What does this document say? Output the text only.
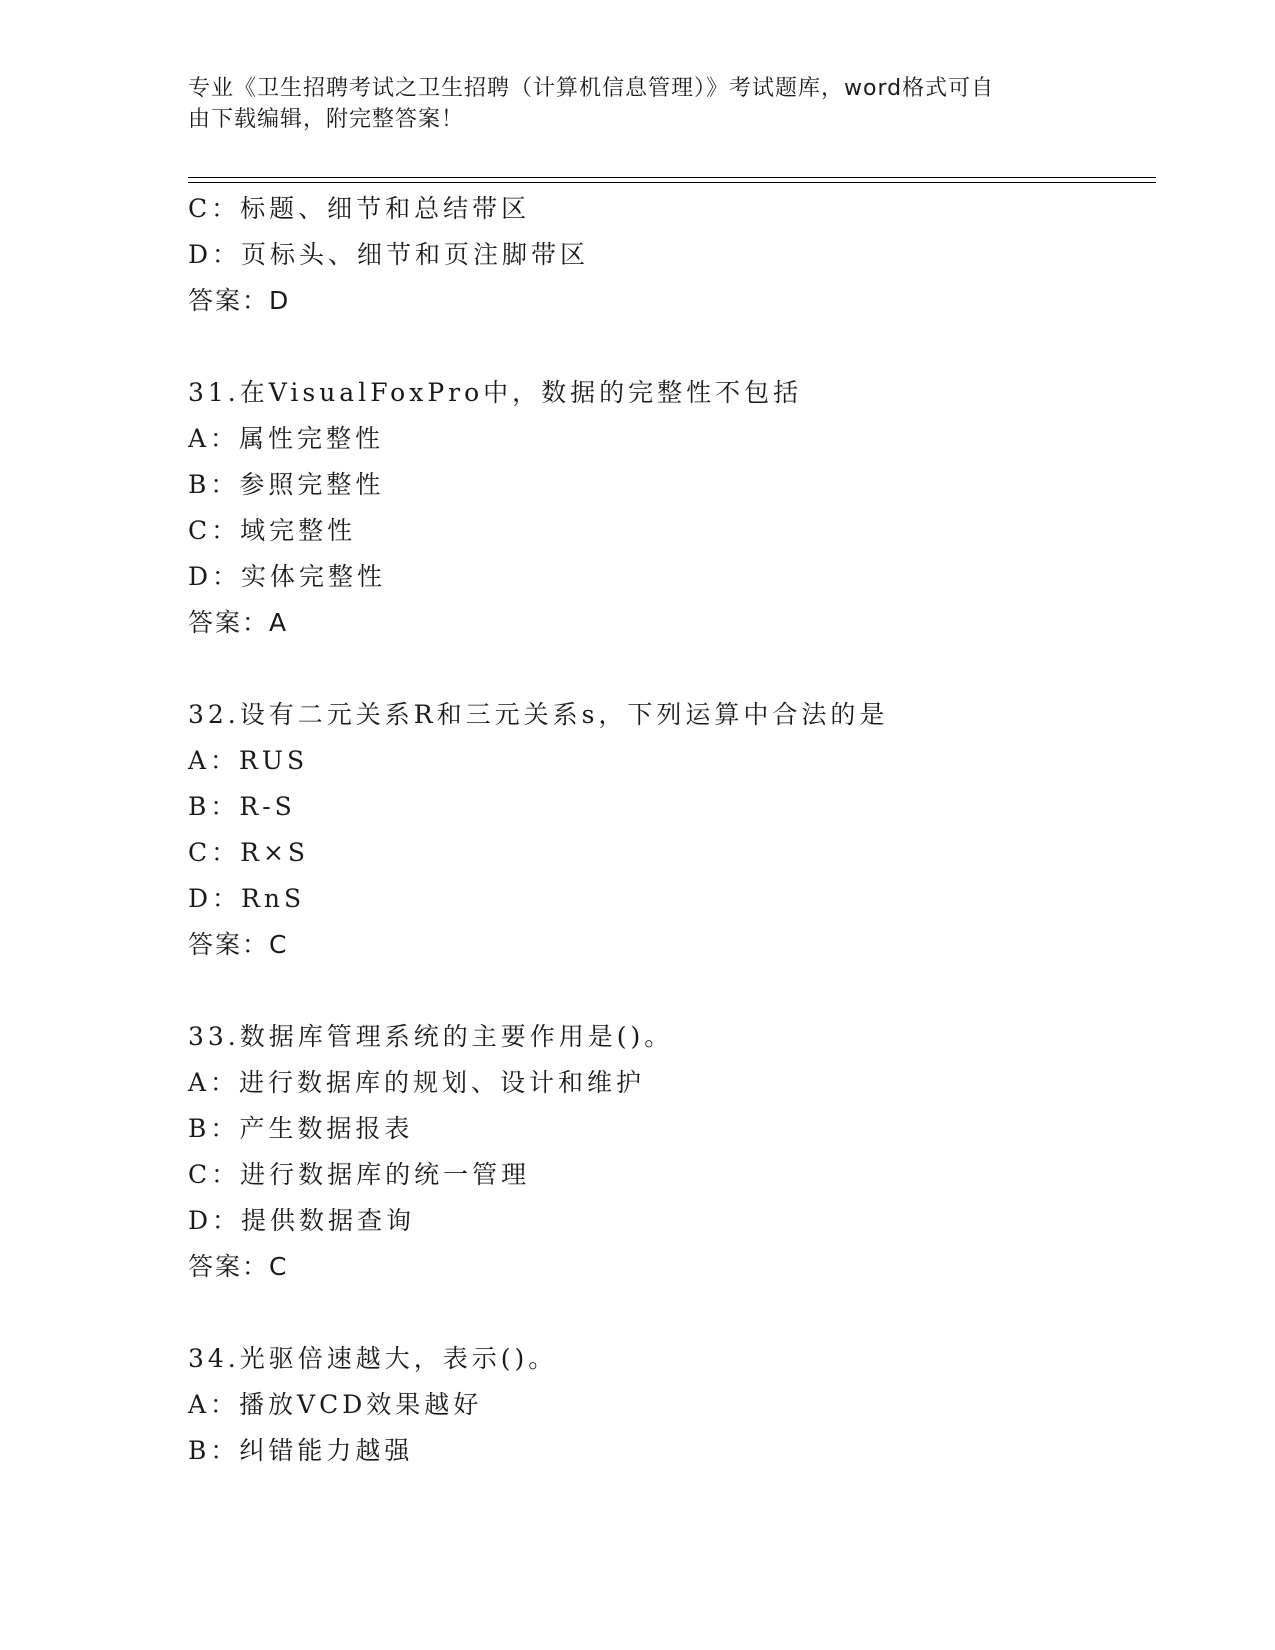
专业《卫生招聘考试之卫生招聘（计算机信息管理）》考试题库，word格式可自
由下载编辑，附完整答案！
C：标题、细节和总结带区
D：页标头、细节和页注脚带区
答案：D
31.在VisualFoxPro中，数据的完整性不包括
A：属性完整性
B：参照完整性
C：域完整性
D：实体完整性
答案：A
32.设有二元关系R和三元关系s，下列运算中合法的是
A：RUS
B：R-S
C：R×S
D：RnS
答案：C
33.数据库管理系统的主要作用是()。
A：进行数据库的规划、设计和维护
B：产生数据报表
C：进行数据库的统一管理
D：提供数据查询
答案：C
34.光驱倍速越大，表示()。
A：播放VCD效果越好
B：纠错能力越强
